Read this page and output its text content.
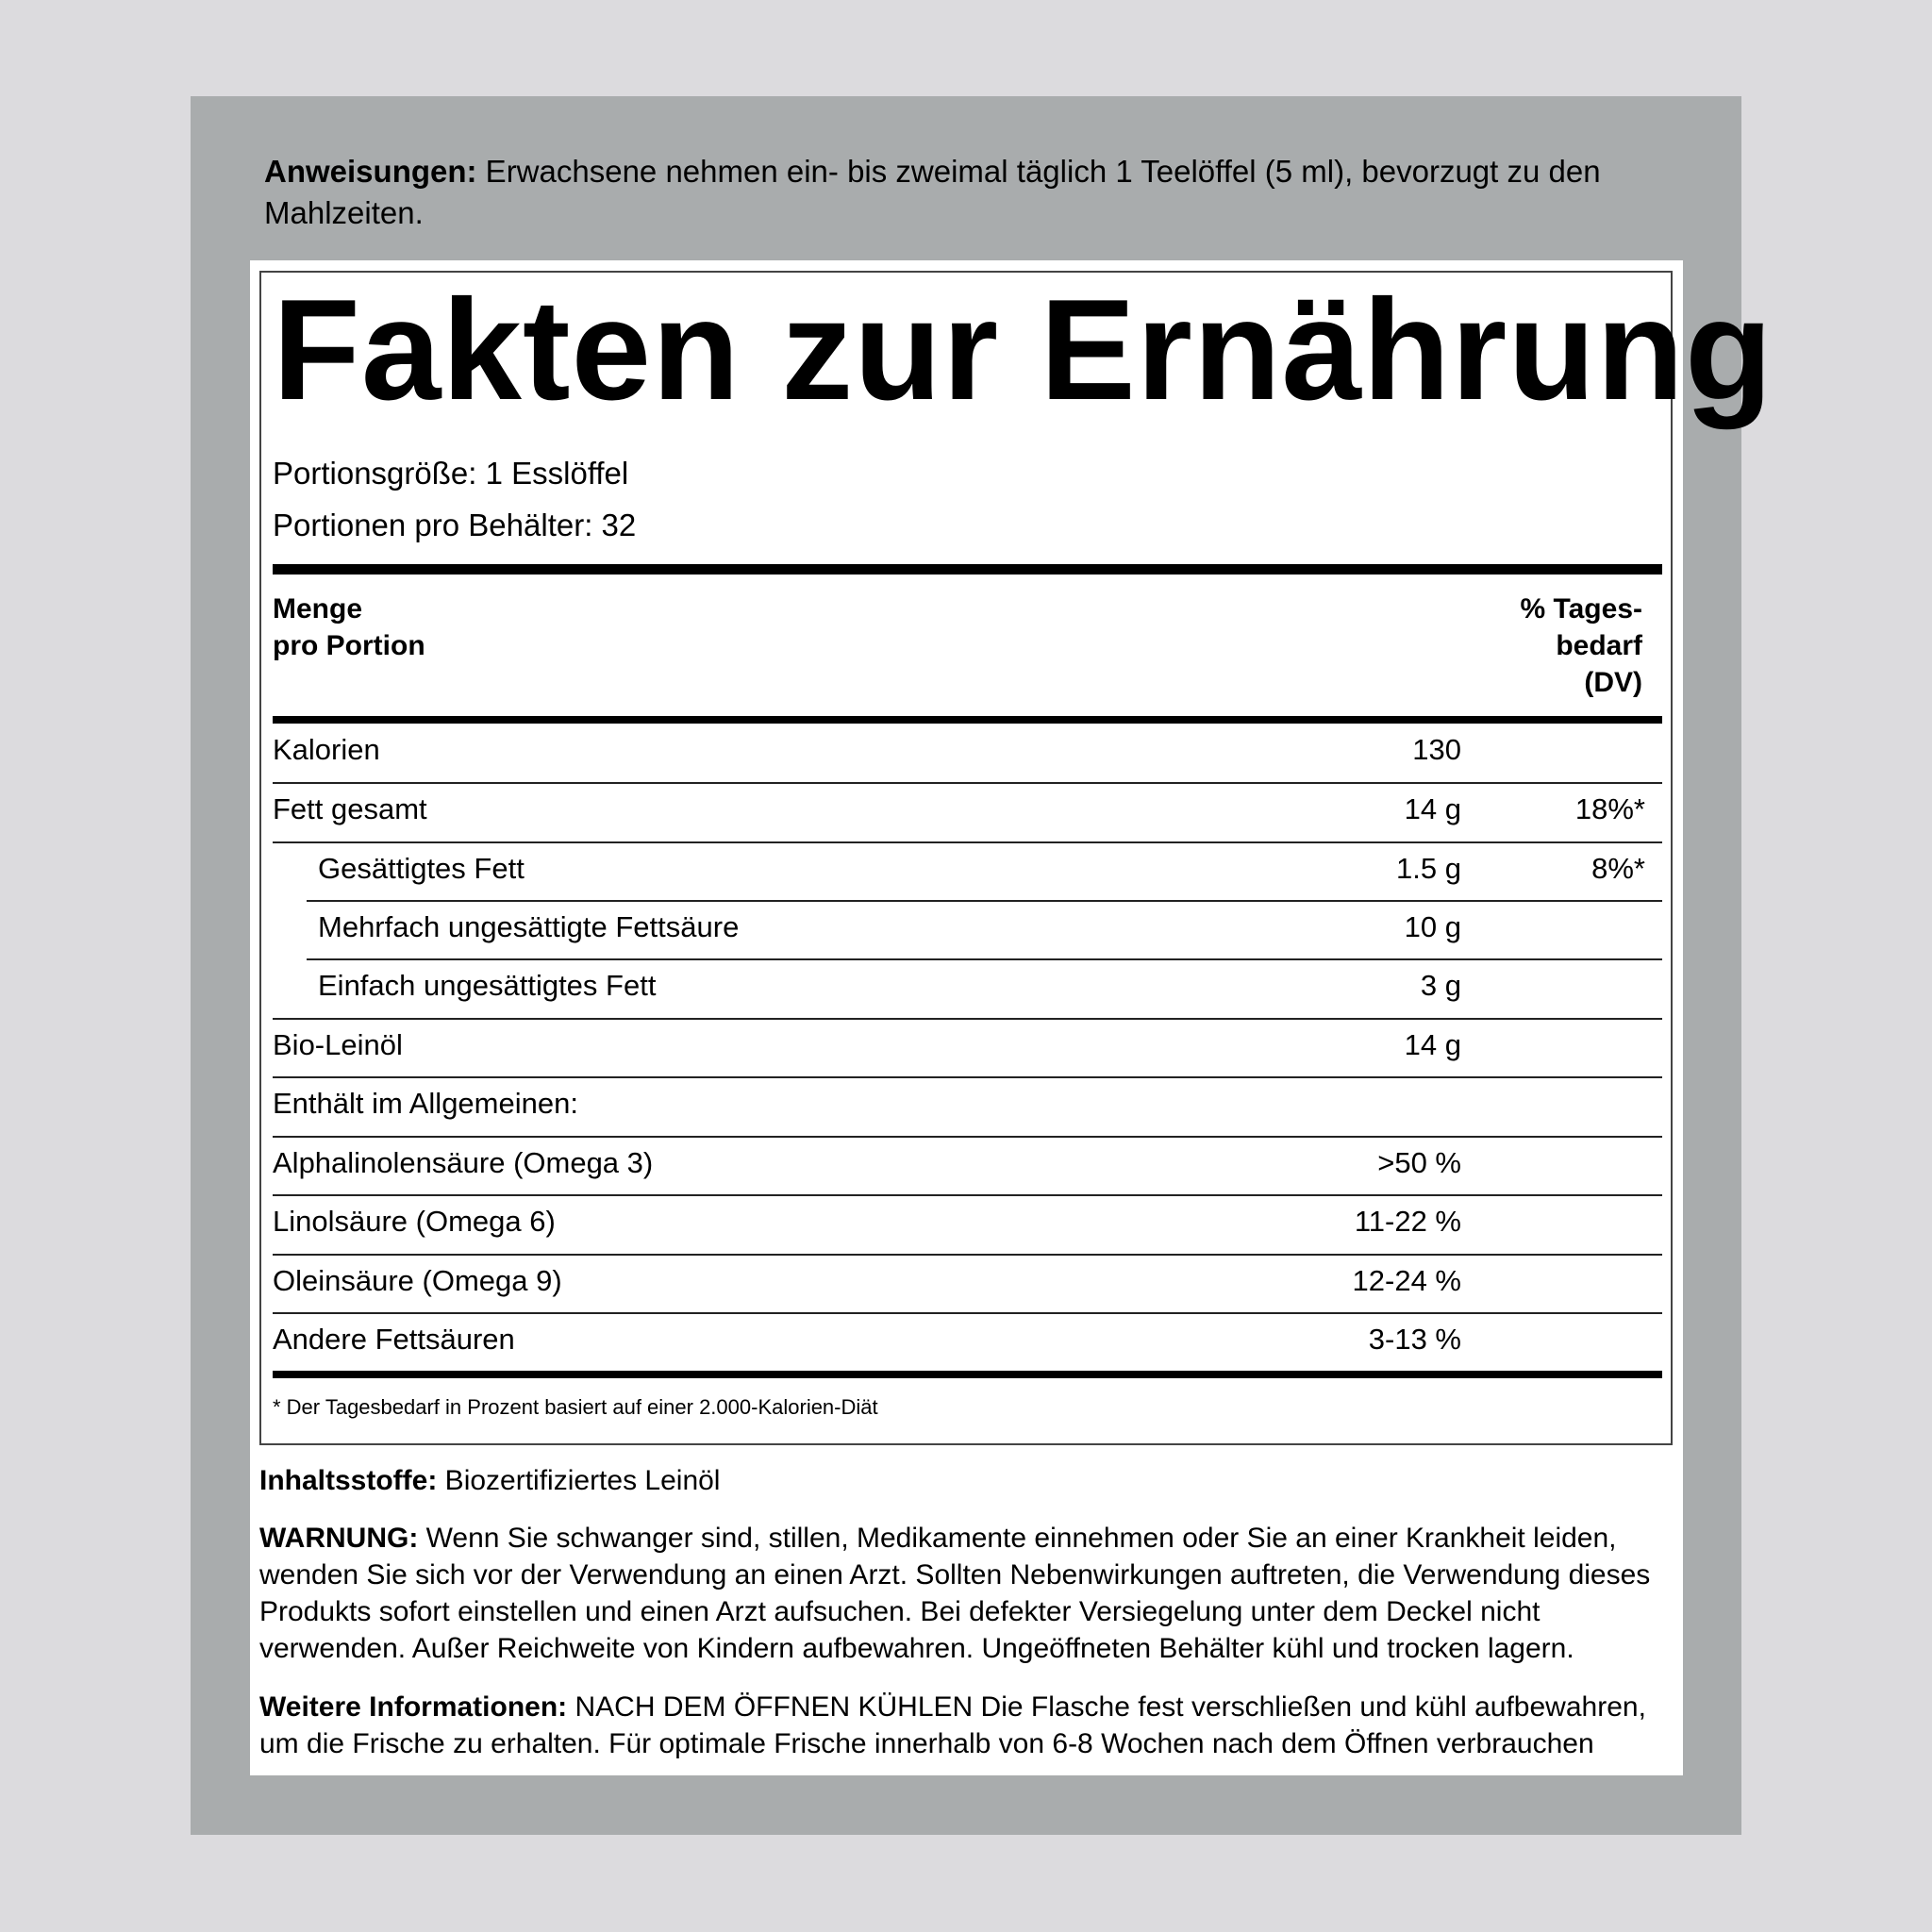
Anweisungen: Erwachsene nehmen ein- bis zweimal täglich 1 Teelöffel (5 ml), bevorzugt zu den Mahlzeiten.
Fakten zur Ernährung
Portionsgröße: 1 Esslöffel
Portionen pro Behälter: 32
Menge
pro Portion
% Tages-
bedarf
(DV)
Kalorien	130
Fett gesamt	14 g	18%*
Gesättigtes Fett	1.5 g	8%*
Mehrfach ungesättigte Fettsäure	10 g
Einfach ungesättigtes Fett	3 g
Bio-Leinöl	14 g
Enthält im Allgemeinen:
Alphalinolensäure (Omega 3)	>50 %
Linolsäure (Omega 6)	11-22 %
Oleinsäure (Omega 9)	12-24 %
Andere Fettsäuren	3-13 %
* Der Tagesbedarf in Prozent basiert auf einer 2.000-Kalorien-Diät
Inhaltsstoffe: Biozertifiziertes Leinöl
WARNUNG: Wenn Sie schwanger sind, stillen, Medikamente einnehmen oder Sie an einer Krankheit leiden, wenden Sie sich vor der Verwendung an einen Arzt. Sollten Nebenwirkungen auftreten, die Verwendung dieses Produkts sofort einstellen und einen Arzt aufsuchen. Bei defekter Versiegelung unter dem Deckel nicht verwenden. Außer Reichweite von Kindern aufbewahren. Ungeöffneten Behälter kühl und trocken lagern.
Weitere Informationen: NACH DEM ÖFFNEN KÜHLEN Die Flasche fest verschließen und kühl aufbewahren, um die Frische zu erhalten. Für optimale Frische innerhalb von 6-8 Wochen nach dem Öffnen verbrauchen
